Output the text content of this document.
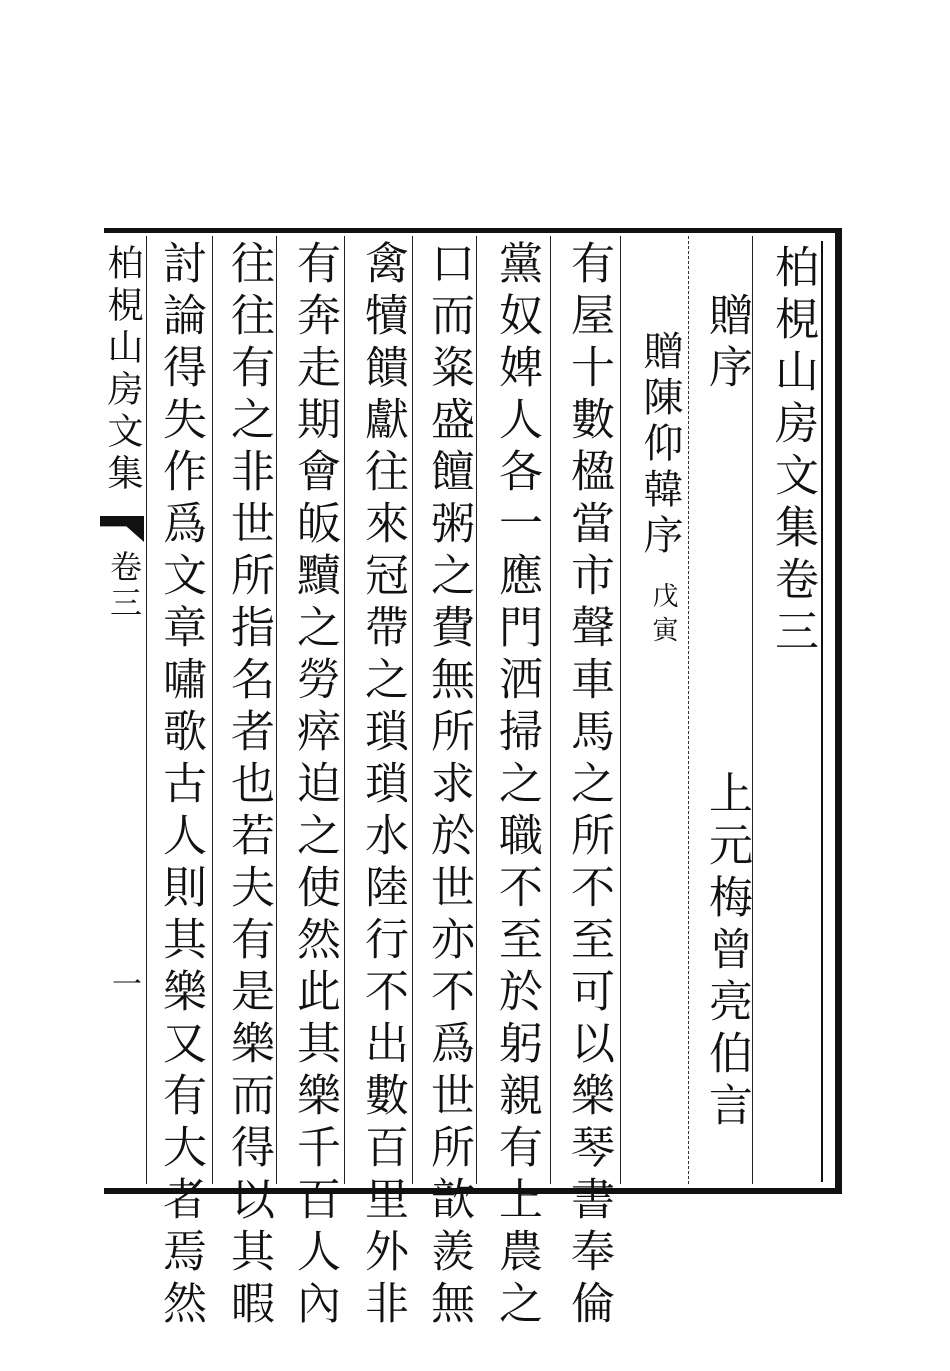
柏梘山房文集卷三
贈序
上元梅曾亮伯言
贈陳仰韓序
戊寅
有屋十數楹當市聲車馬之所不至可以樂琴書奉倫
黨奴婢人各一應門洒掃之職不至於躬親有上農之
口而粢盛饘粥之費無所求於世亦不爲世所歆羨無
禽犢饋獻往來冠帶之瑣瑣水陸行不出數百里外非
有奔走期會皈黷之勞瘁迫之使然此其樂千百人內
往往有之非世所指名者也若夫有是樂而得以其暇
討論得失作爲文章嘯歌古人則其樂又有大者焉然
柏梘山房文集
卷三
一
